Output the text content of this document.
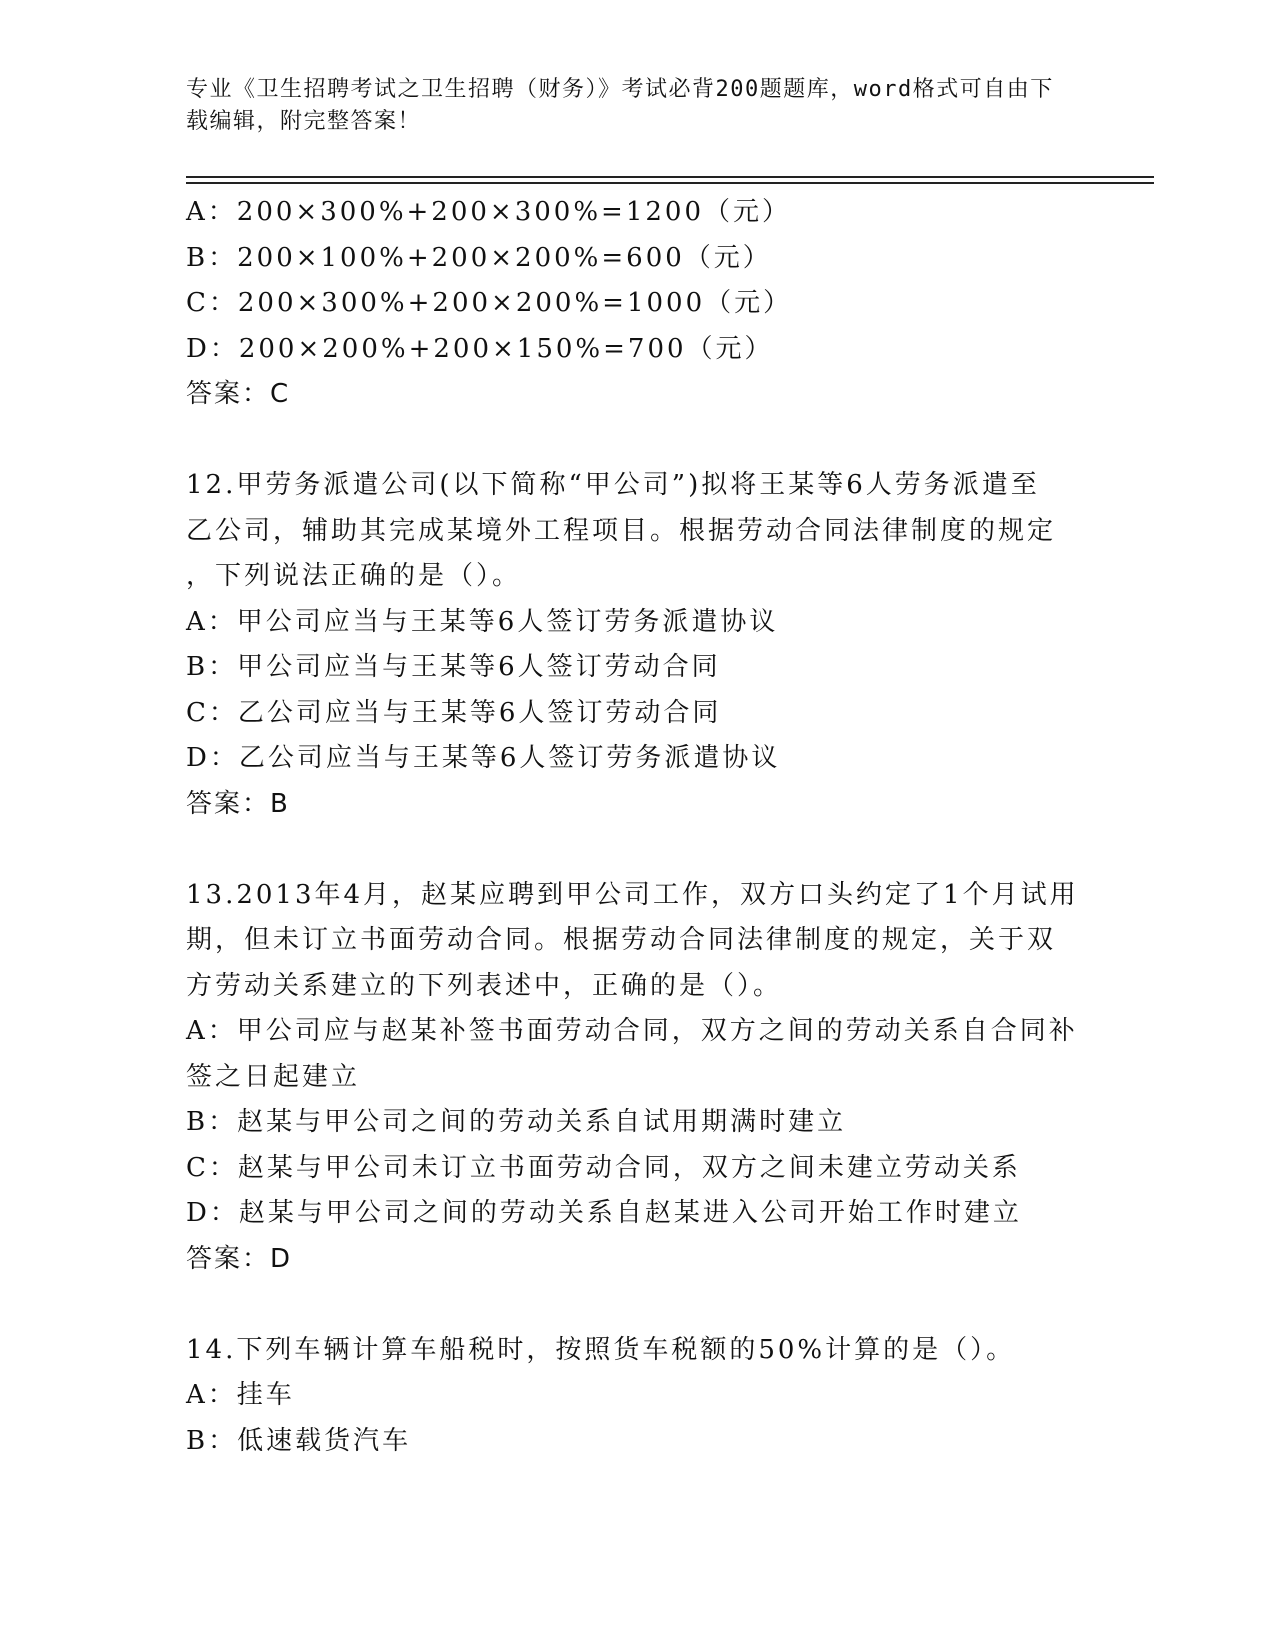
专业《卫生招聘考试之卫生招聘（财务）》考试必背200题题库，word格式可自由下载编辑，附完整答案！
A：200×300%+200×300%=1200（元）
B：200×100%+200×200%=600（元）
C：200×300%+200×200%=1000（元）
D：200×200%+200×150%=700（元）
答案：C
12.甲劳务派遣公司(以下简称“甲公司”)拟将王某等6人劳务派遣至
乙公司，辅助其完成某境外工程项目。根据劳动合同法律制度的规定
，下列说法正确的是（）。
A：甲公司应当与王某等6人签订劳务派遣协议
B：甲公司应当与王某等6人签订劳动合同
C：乙公司应当与王某等6人签订劳动合同
D：乙公司应当与王某等6人签订劳务派遣协议
答案：B
13.2013年4月，赵某应聘到甲公司工作，双方口头约定了1个月试用
期，但未订立书面劳动合同。根据劳动合同法律制度的规定，关于双
方劳动关系建立的下列表述中，正确的是（）。
A：甲公司应与赵某补签书面劳动合同，双方之间的劳动关系自合同补
签之日起建立
B：赵某与甲公司之间的劳动关系自试用期满时建立
C：赵某与甲公司未订立书面劳动合同，双方之间未建立劳动关系
D：赵某与甲公司之间的劳动关系自赵某进入公司开始工作时建立
答案：D
14.下列车辆计算车船税时，按照货车税额的50%计算的是（）。
A：挂车
B：低速载货汽车
